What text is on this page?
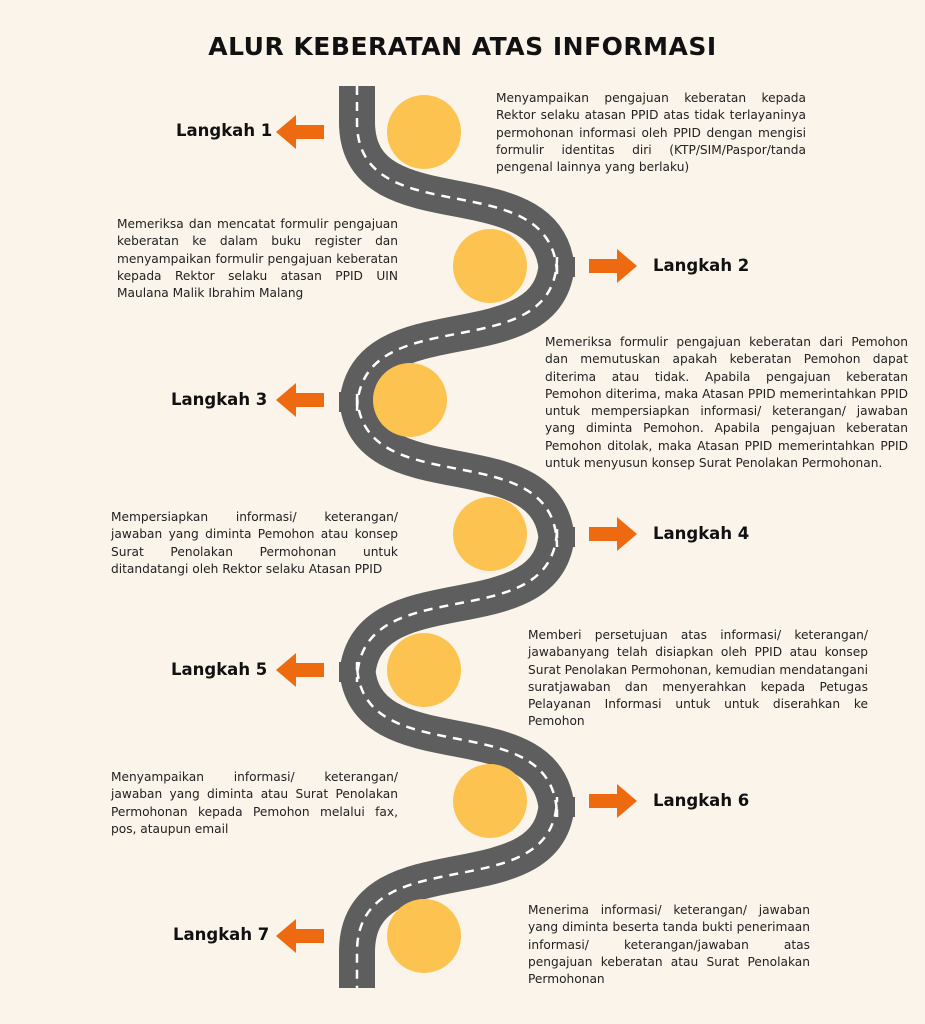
ALUR KEBERATAN ATAS INFORMASI
Langkah 1
Menyampaikan pengajuan keberatan kepada Rektor selaku atasan PPID atas tidak terlayaninya permohonan informasi oleh PPID dengan mengisi formulir identitas diri (KTP/SIM/Paspor/tanda pengenal lainnya yang berlaku)
Langkah 2
Memeriksa dan mencatat formulir pengajuan keberatan ke dalam buku register dan menyampaikan formulir pengajuan keberatan kepada Rektor selaku atasan PPID UIN Maulana Malik Ibrahim Malang
Langkah 3
Memeriksa formulir pengajuan keberatan dari Pemohon dan memutuskan apakah keberatan Pemohon dapat diterima atau tidak. Apabila pengajuan keberatan Pemohon diterima, maka Atasan PPID memerintahkan PPID untuk mempersiapkan informasi/ keterangan/ jawaban yang diminta Pemohon. Apabila pengajuan keberatan Pemohon ditolak, maka Atasan PPID memerintahkan PPID untuk menyusun konsep Surat Penolakan Permohonan.
Langkah 4
Mempersiapkan informasi/ keterangan/ jawaban yang diminta Pemohon atau konsep Surat Penolakan Permohonan untuk ditandatangi oleh Rektor selaku Atasan PPID
Langkah 5
Memberi persetujuan atas informasi/ keterangan/ jawabanyang telah disiapkan oleh PPID atau konsep Surat Penolakan Permohonan, kemudian mendatangani suratjawaban dan menyerahkan kepada Petugas Pelayanan Informasi untuk untuk diserahkan ke Pemohon
Langkah 6
Menyampaikan informasi/ keterangan/ jawaban yang diminta atau Surat Penolakan Permohonan kepada Pemohon melalui fax, pos, ataupun email
Langkah 7
Menerima informasi/ keterangan/ jawaban yang diminta beserta tanda bukti penerimaan informasi/ keterangan/jawaban atas pengajuan keberatan atau Surat Penolakan Permohonan
